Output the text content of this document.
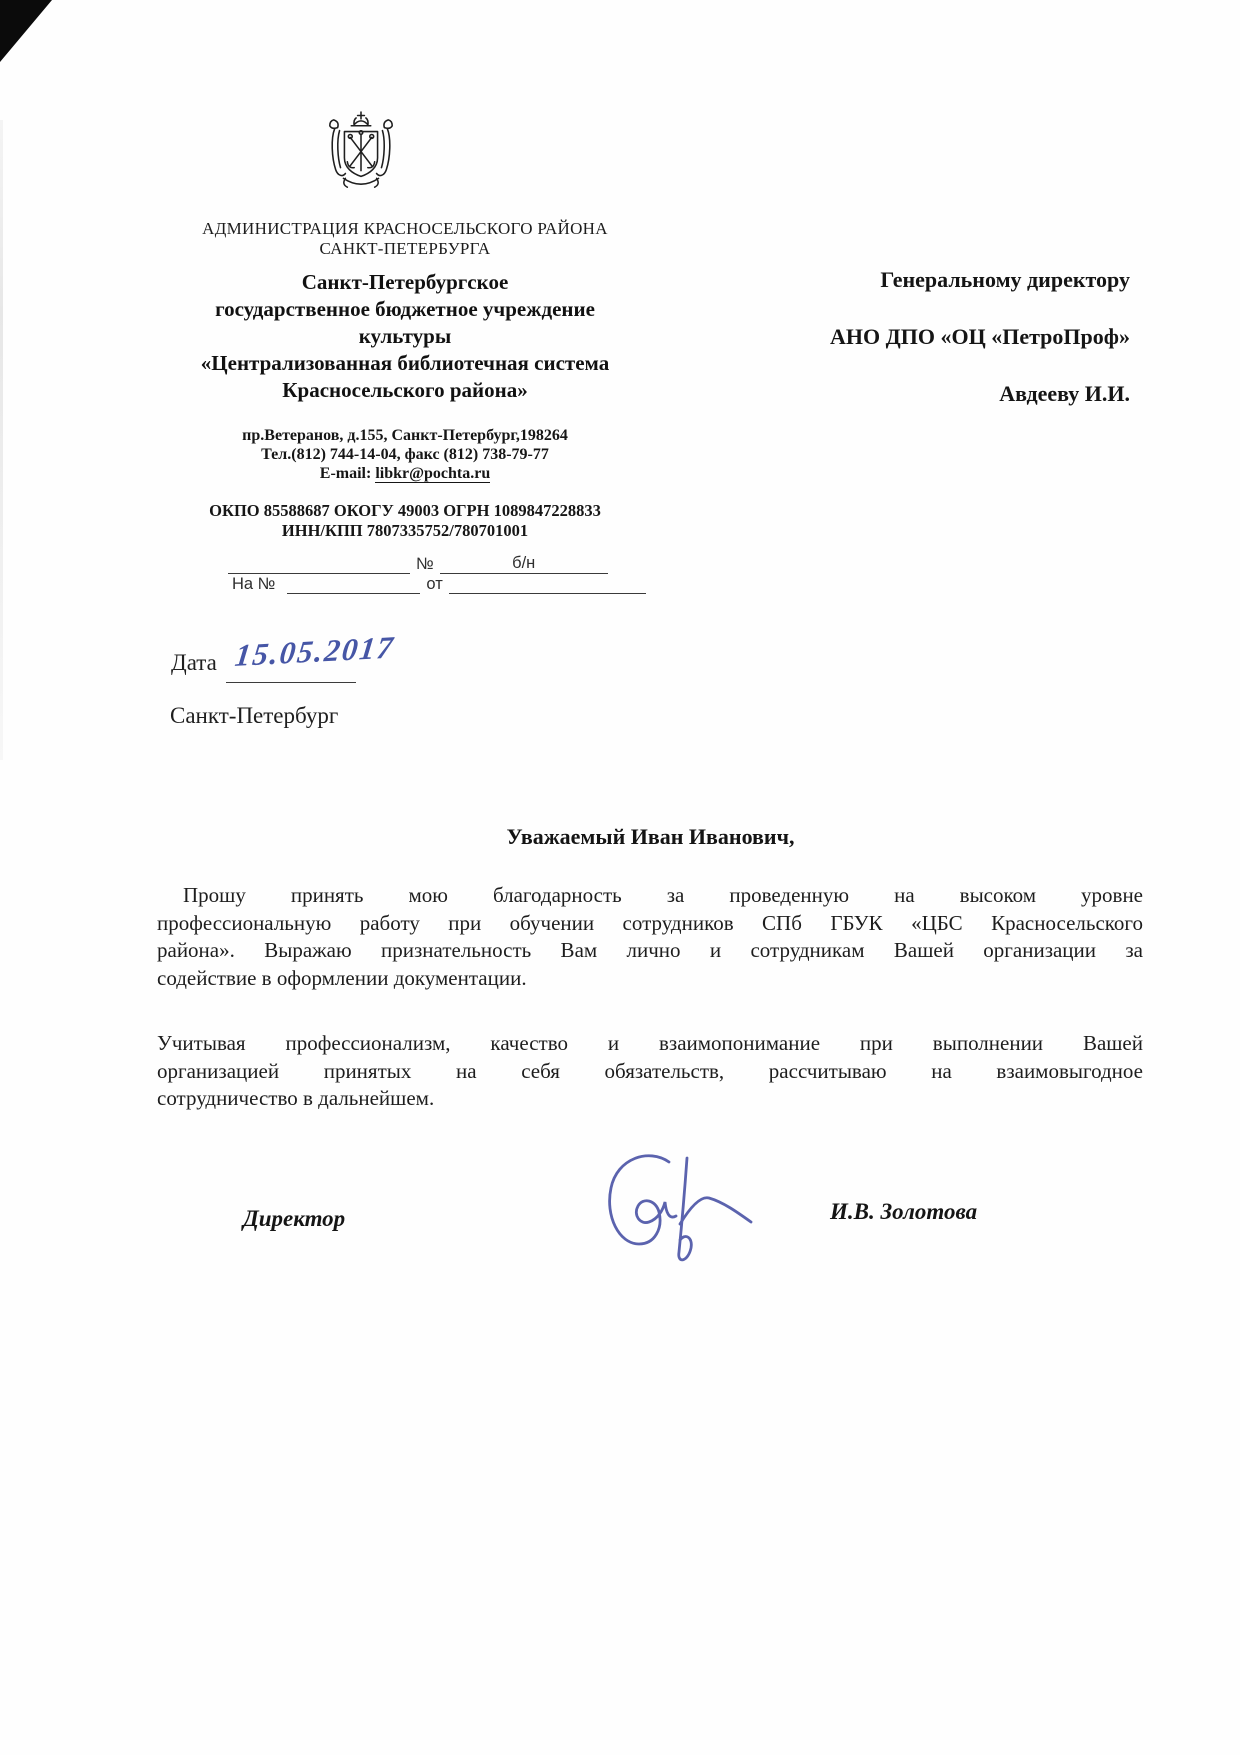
АДМИНИСТРАЦИЯ КРАСНОСЕЛЬСКОГО РАЙОНА
САНКТ-ПЕТЕРБУРГА
Санкт-Петербургское
государственное бюджетное учреждение
культуры
«Централизованная библиотечная система
Красносельского района»
Генеральному директору
АНО ДПО «ОЦ «ПетроПроф»
Авдееву И.И.
пр.Ветеранов, д.155, Санкт-Петербург,198264
Тел.(812) 744-14-04, факс (812) 738-79-77
E-mail: libkr@pochta.ru
ОКПО 85588687 ОКОГУ 49003 ОГРН 1089847228833
ИНН/КПП 7807335752/780701001
№	б/н
На №	от
Дата 15.05.2017
Санкт-Петербург
Уважаемый Иван Иванович,
Прошу принять мою благодарность за проведенную на высоком уровне
профессиональную работу при обучении сотрудников СПб ГБУК «ЦБС Красносельского
района». Выражаю признательность Вам лично и сотрудникам Вашей организации за
содействие в оформлении документации.
Учитывая профессионализм, качество и взаимопонимание при выполнении Вашей
организацией принятых на себя обязательств, рассчитываю на взаимовыгодное
сотрудничество в дальнейшем.
Директор	И.В. Золотова
